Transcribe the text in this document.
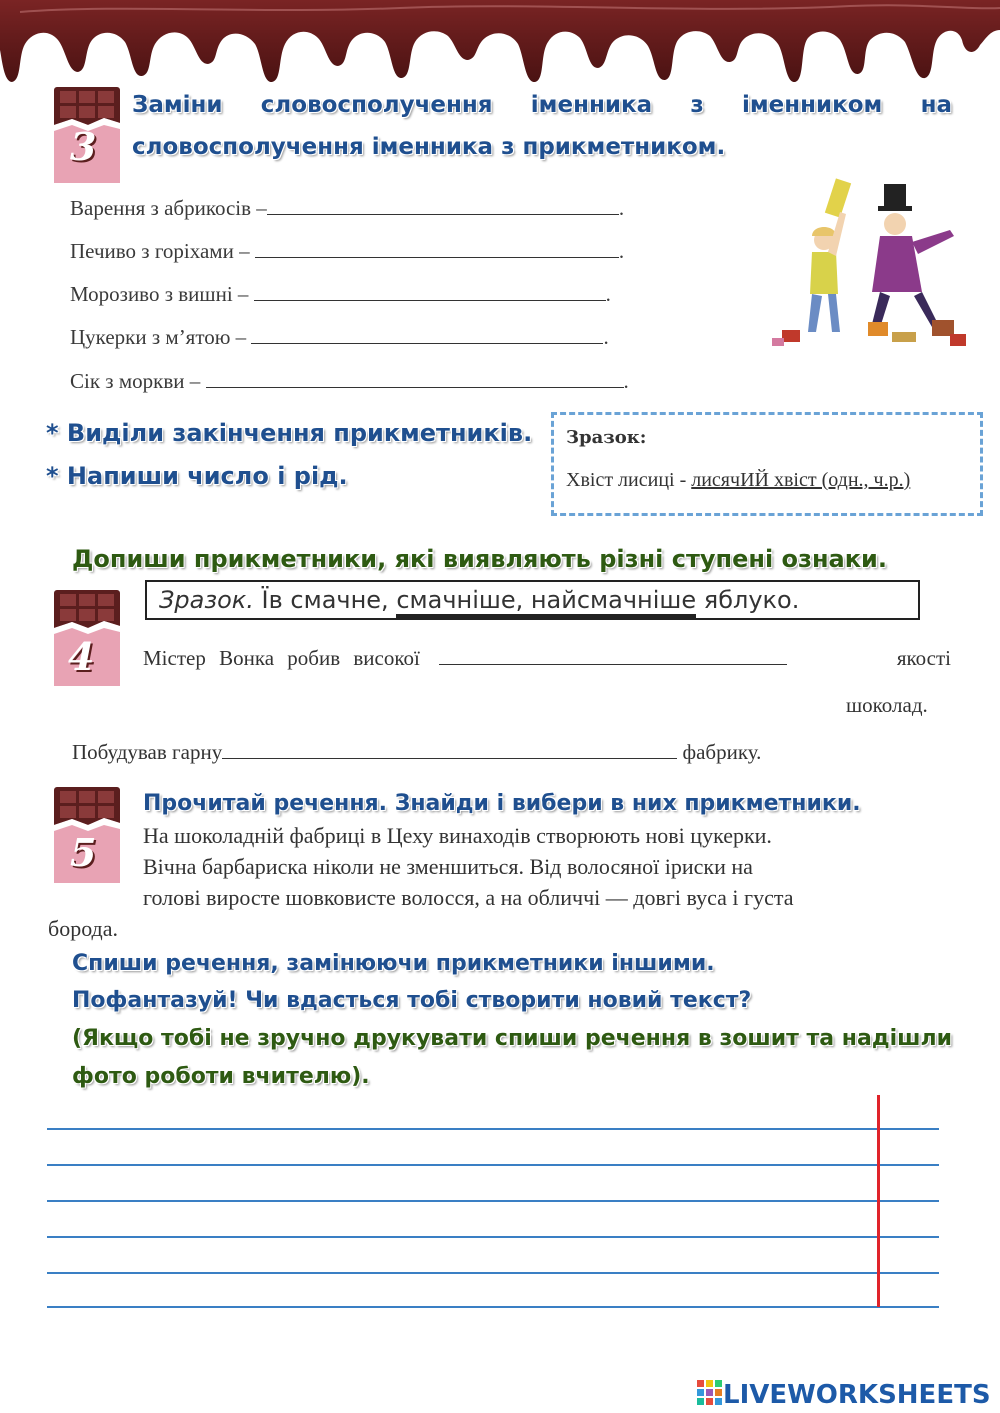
3
Заміни словосполучення іменника з іменником на
словосполучення іменника з прикметником.
Варення з абрикосів –	.
Печиво з горіхами –	.
Морозиво з вишні –	.
Цукерки з м’ятою –	.
Сік з моркви –	.
* Виділи закінчення прикметників.
* Напиши число і рід.
Зразок:
Хвіст лисиці - лисячИЙ хвіст (одн., ч.р.)
Допиши прикметники, які виявляють різні ступені ознаки.
4
Зразок. Їв смачне, смачніше, найсмачніше яблуко.
Містер Вонка робив високої	якості
шоколад.
Побудував гарну	фабрику.
5
Прочитай речення. Знайди і вибери в них прикметники.
На шоколадній фабриці в Цеху винаходів створюють нові цукерки.
Вічна барбариска ніколи не зменшиться. Від волосяної іриски на
голові виросте шовковисте волосся, а на обличчі — довгі вуса і густа
борода.
Спиши речення, замінюючи прикметники іншими.
Пофантазуй! Чи вдасться тобі створити новий текст?
(Якщо тобі не зручно друкувати спиши речення в зошит та надішли
фото роботи вчителю).
LIVEWORKSHEETS
